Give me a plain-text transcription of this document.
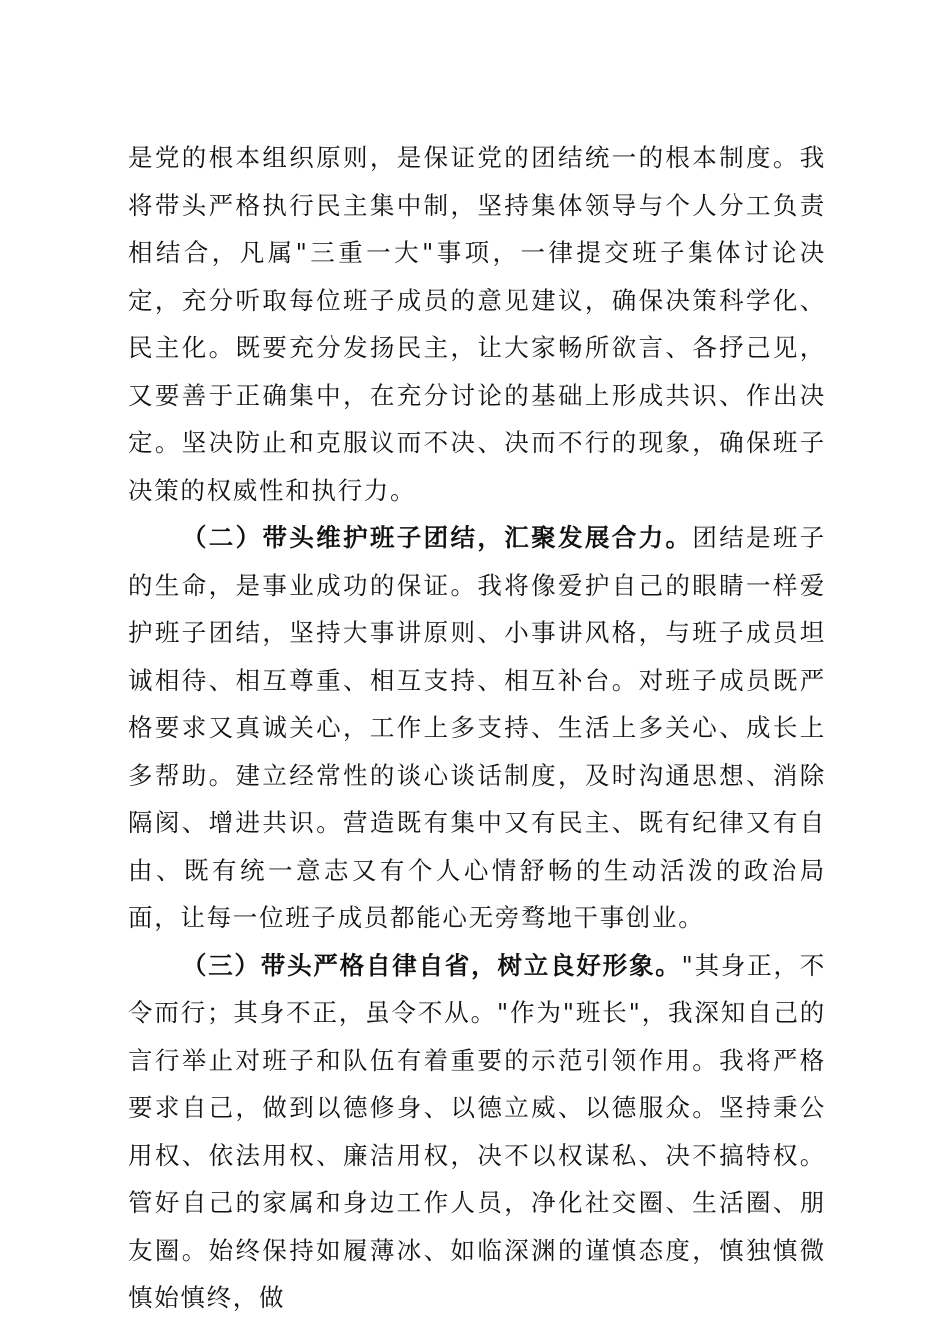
是党的根本组织原则，是保证党的团结统一的根本制度。我将带头严格执行民主集中制，坚持集体领导与个人分工负责相结合，凡属"三重一大"事项，一律提交班子集体讨论决定，充分听取每位班子成员的意见建议，确保决策科学化、民主化。既要充分发扬民主，让大家畅所欲言、各抒己见，又要善于正确集中，在充分讨论的基础上形成共识、作出决定。坚决防止和克服议而不决、决而不行的现象，确保班子决策的权威性和执行力。

（二）带头维护班子团结，汇聚发展合力。团结是班子的生命，是事业成功的保证。我将像爱护自己的眼睛一样爱护班子团结，坚持大事讲原则、小事讲风格，与班子成员坦诚相待、相互尊重、相互支持、相互补台。对班子成员既严格要求又真诚关心，工作上多支持、生活上多关心、成长上多帮助。建立经常性的谈心谈话制度，及时沟通思想、消除隔阂、增进共识。营造既有集中又有民主、既有纪律又有自由、既有统一意志又有个人心情舒畅的生动活泼的政治局面，让每一位班子成员都能心无旁骛地干事创业。

（三）带头严格自律自省，树立良好形象。"其身正，不令而行；其身不正，虽令不从。"作为"班长"，我深知自己的言行举止对班子和队伍有着重要的示范引领作用。我将严格要求自己，做到以德修身、以德立威、以德服众。坚持秉公用权、依法用权、廉洁用权，决不以权谋私、决不搞特权。管好自己的家属和身边工作人员，净化社交圈、生活圈、朋友圈。始终保持如履薄冰、如临深渊的谨慎态度，慎独慎微慎始慎终，做
